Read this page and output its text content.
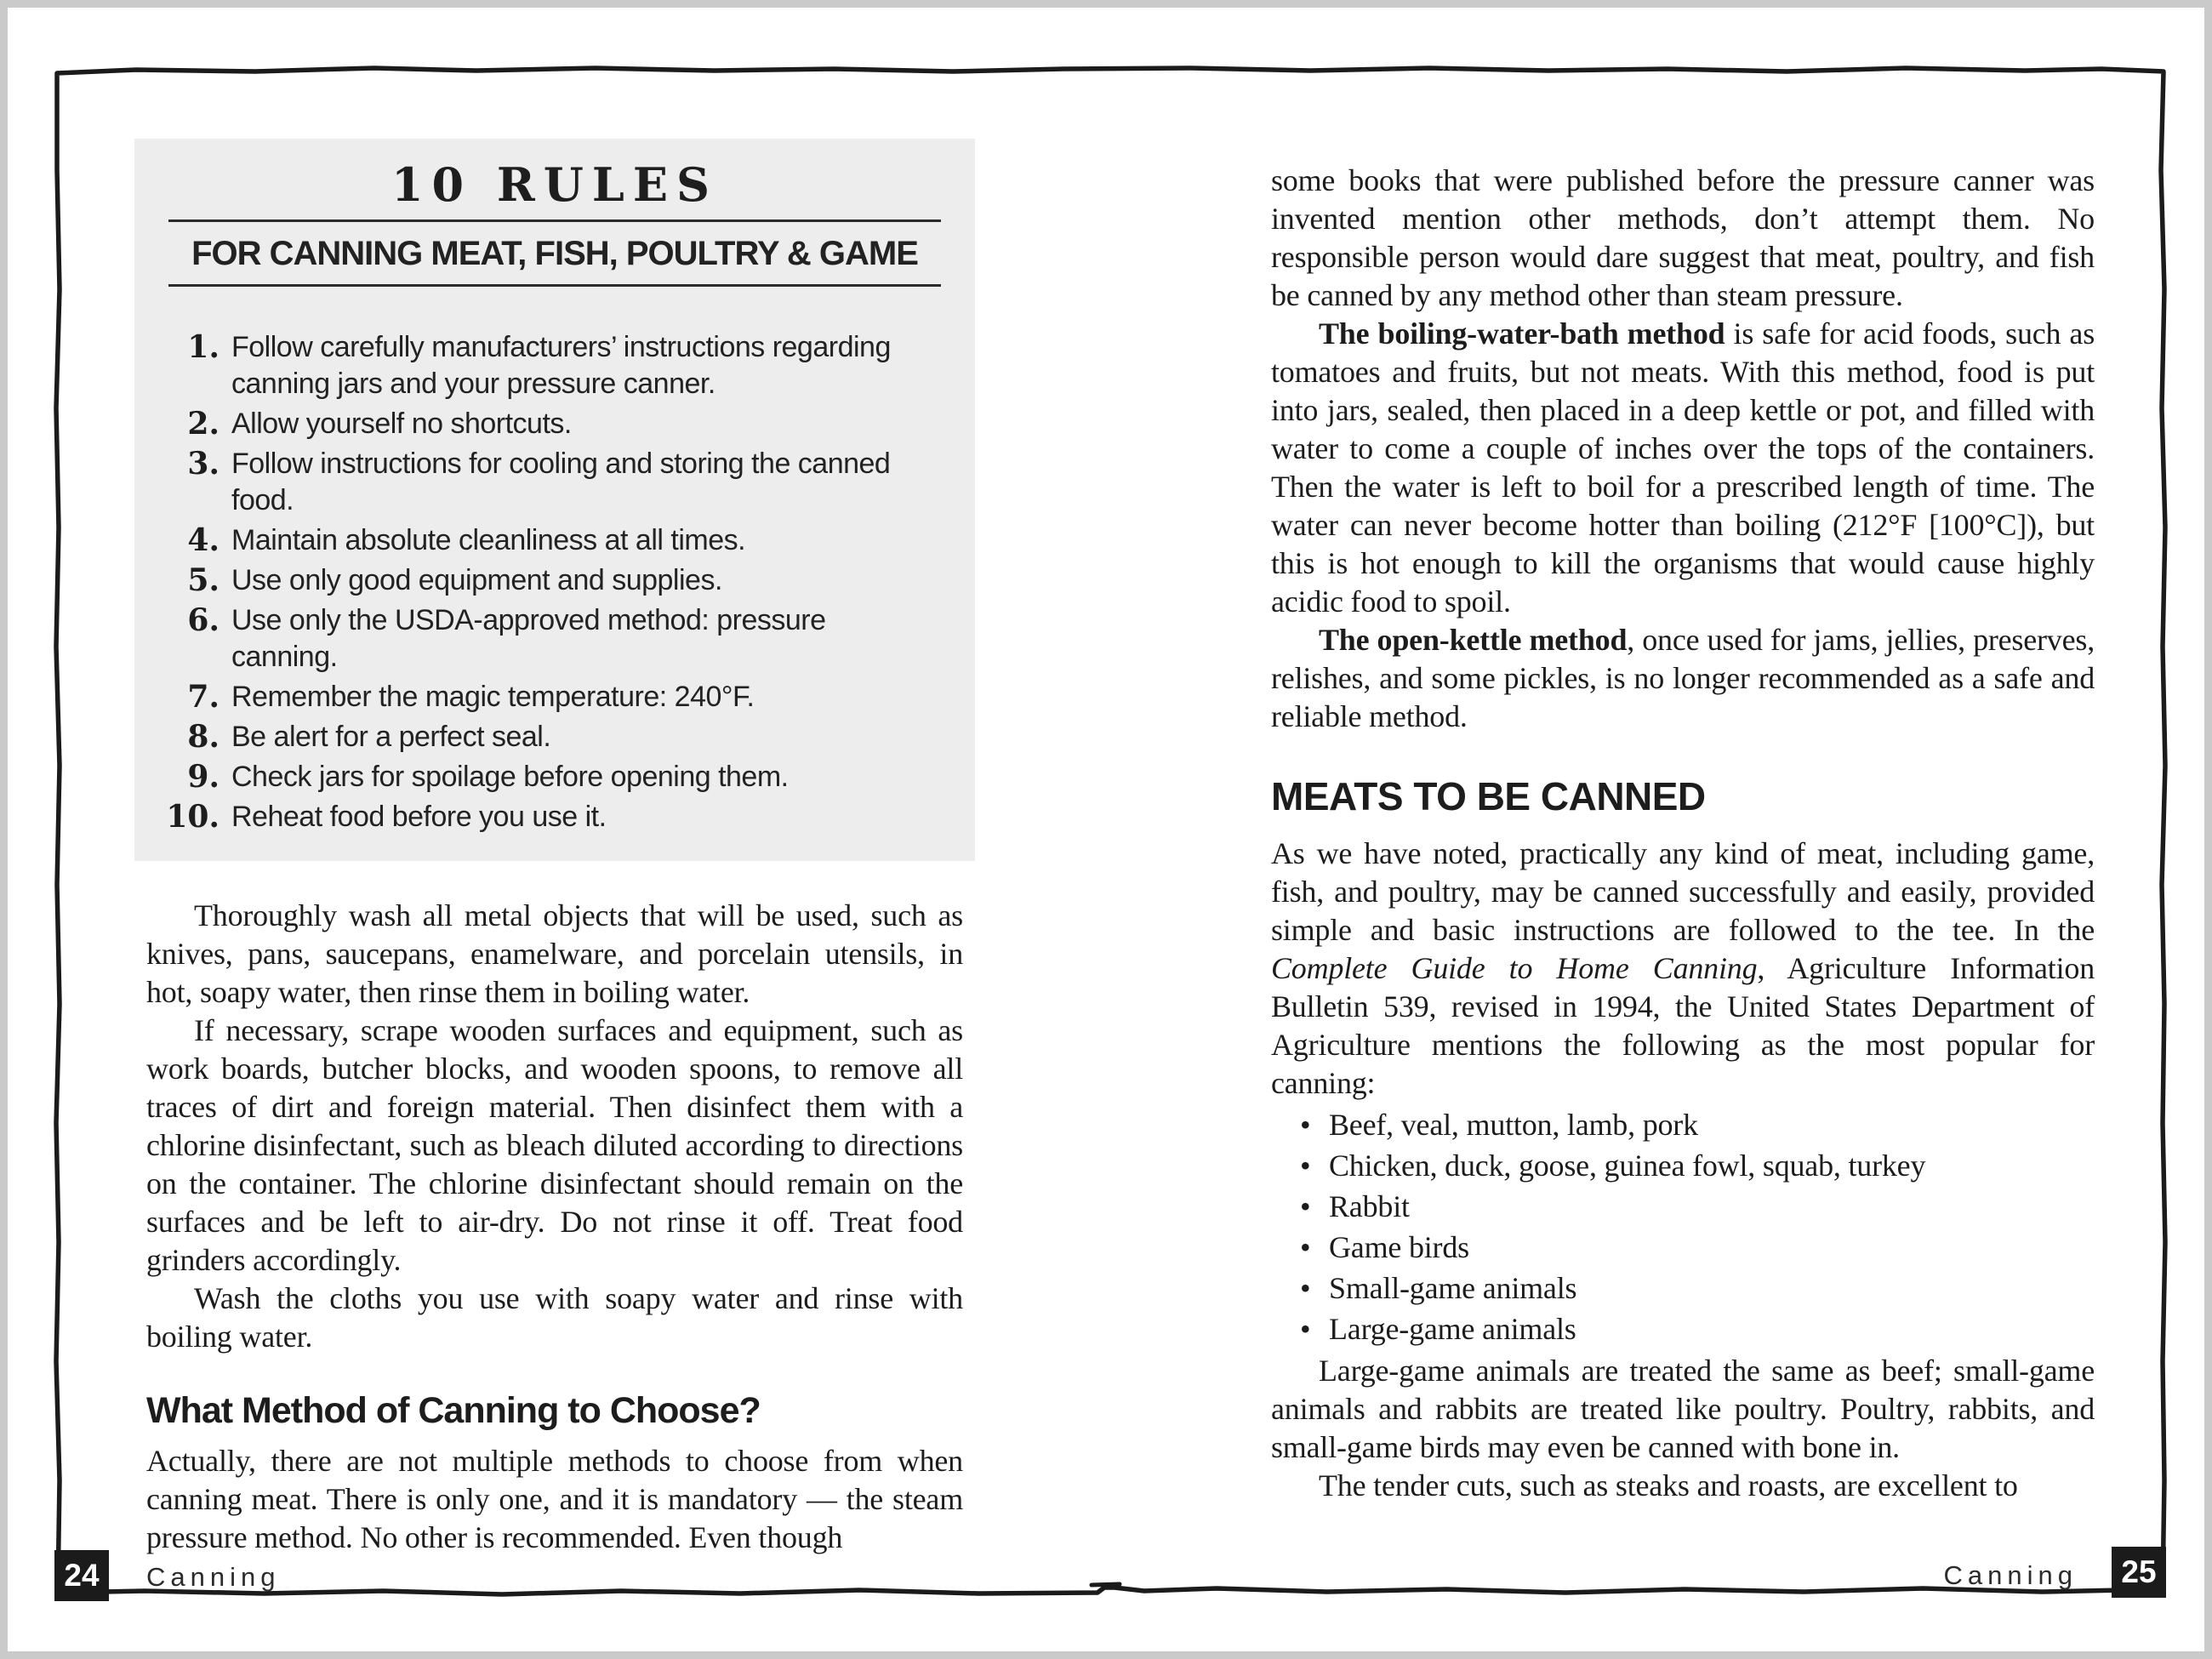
10 RULES
FOR CANNING MEAT, FISH, POULTRY & GAME
1. Follow carefully manufacturers’ instructions regarding canning jars and your pressure canner.
2. Allow yourself no shortcuts.
3. Follow instructions for cooling and storing the canned food.
4. Maintain absolute cleanliness at all times.
5. Use only good equipment and supplies.
6. Use only the USDA-approved method: pressure canning.
7. Remember the magic temperature: 240°F.
8. Be alert for a perfect seal.
9. Check jars for spoilage before opening them.
10. Reheat food before you use it.

Thoroughly wash all metal objects that will be used, such as knives, pans, saucepans, enamelware, and porcelain utensils, in hot, soapy water, then rinse them in boiling water.

If necessary, scrape wooden surfaces and equipment, such as work boards, butcher blocks, and wooden spoons, to remove all traces of dirt and foreign material. Then disinfect them with a chlorine disinfectant, such as bleach diluted according to directions on the container. The chlorine disinfectant should remain on the surfaces and be left to air-dry. Do not rinse it off. Treat food grinders accordingly.

Wash the cloths you use with soapy water and rinse with boiling water.

What Method of Canning to Choose?

Actually, there are not multiple methods to choose from when canning meat. There is only one, and it is mandatory — the steam pressure method. No other is recommended. Even though

some books that were published before the pressure canner was invented mention other methods, don’t attempt them. No responsible person would dare suggest that meat, poultry, and fish be canned by any method other than steam pressure.

The boiling-water-bath method is safe for acid foods, such as tomatoes and fruits, but not meats. With this method, food is put into jars, sealed, then placed in a deep kettle or pot, and filled with water to come a couple of inches over the tops of the containers. Then the water is left to boil for a prescribed length of time. The water can never become hotter than boiling (212°F [100°C]), but this is hot enough to kill the organisms that would cause highly acidic food to spoil.

The open-kettle method, once used for jams, jellies, preserves, relishes, and some pickles, is no longer recommended as a safe and reliable method.

MEATS TO BE CANNED

As we have noted, practically any kind of meat, including game, fish, and poultry, may be canned successfully and easily, provided simple and basic instructions are followed to the tee. In the Complete Guide to Home Canning, Agriculture Information Bulletin 539, revised in 1994, the United States Department of Agriculture mentions the following as the most popular for canning:

• Beef, veal, mutton, lamb, pork
• Chicken, duck, goose, guinea fowl, squab, turkey
• Rabbit
• Game birds
• Small-game animals
• Large-game animals

Large-game animals are treated the same as beef; small-game animals and rabbits are treated like poultry. Poultry, rabbits, and small-game birds may even be canned with bone in.

The tender cuts, such as steaks and roasts, are excellent to

24	Canning	Canning	25
